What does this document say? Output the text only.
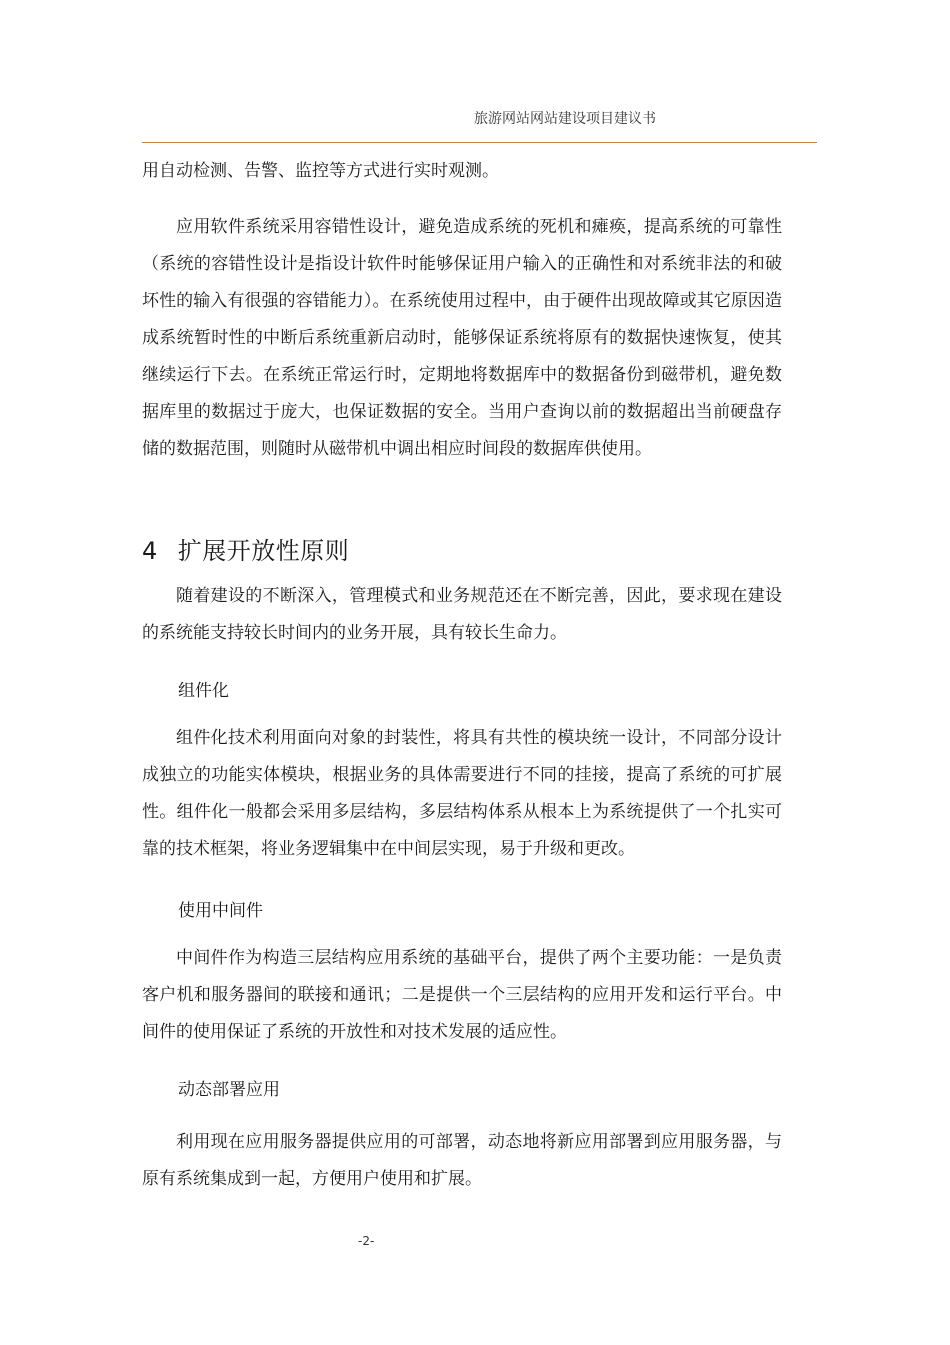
旅游网站网站建设项目建议书

用自动检测、告警、监控等方式进行实时观测。

应用软件系统采用容错性设计，避免造成系统的死机和瘫痪，提高系统的可靠性（系统的容错性设计是指设计软件时能够保证用户输入的正确性和对系统非法的和破坏性的输入有很强的容错能力）。在系统使用过程中，由于硬件出现故障或其它原因造成系统暂时性的中断后系统重新启动时，能够保证系统将原有的数据快速恢复，使其继续运行下去。在系统正常运行时，定期地将数据库中的数据备份到磁带机，避免数据库里的数据过于庞大，也保证数据的安全。当用户查询以前的数据超出当前硬盘存储的数据范围，则随时从磁带机中调出相应时间段的数据库供使用。

4 扩展开放性原则

随着建设的不断深入，管理模式和业务规范还在不断完善，因此，要求现在建设的系统能支持较长时间内的业务开展，具有较长生命力。

组件化

组件化技术利用面向对象的封装性，将具有共性的模块统一设计，不同部分设计成独立的功能实体模块，根据业务的具体需要进行不同的挂接，提高了系统的可扩展性。组件化一般都会采用多层结构，多层结构体系从根本上为系统提供了一个扎实可靠的技术框架，将业务逻辑集中在中间层实现，易于升级和更改。

使用中间件

中间件作为构造三层结构应用系统的基础平台，提供了两个主要功能：一是负责客户机和服务器间的联接和通讯；二是提供一个三层结构的应用开发和运行平台。中间件的使用保证了系统的开放性和对技术发展的适应性。

动态部署应用

利用现在应用服务器提供应用的可部署，动态地将新应用部署到应用服务器，与原有系统集成到一起，方便用户使用和扩展。

-2-
